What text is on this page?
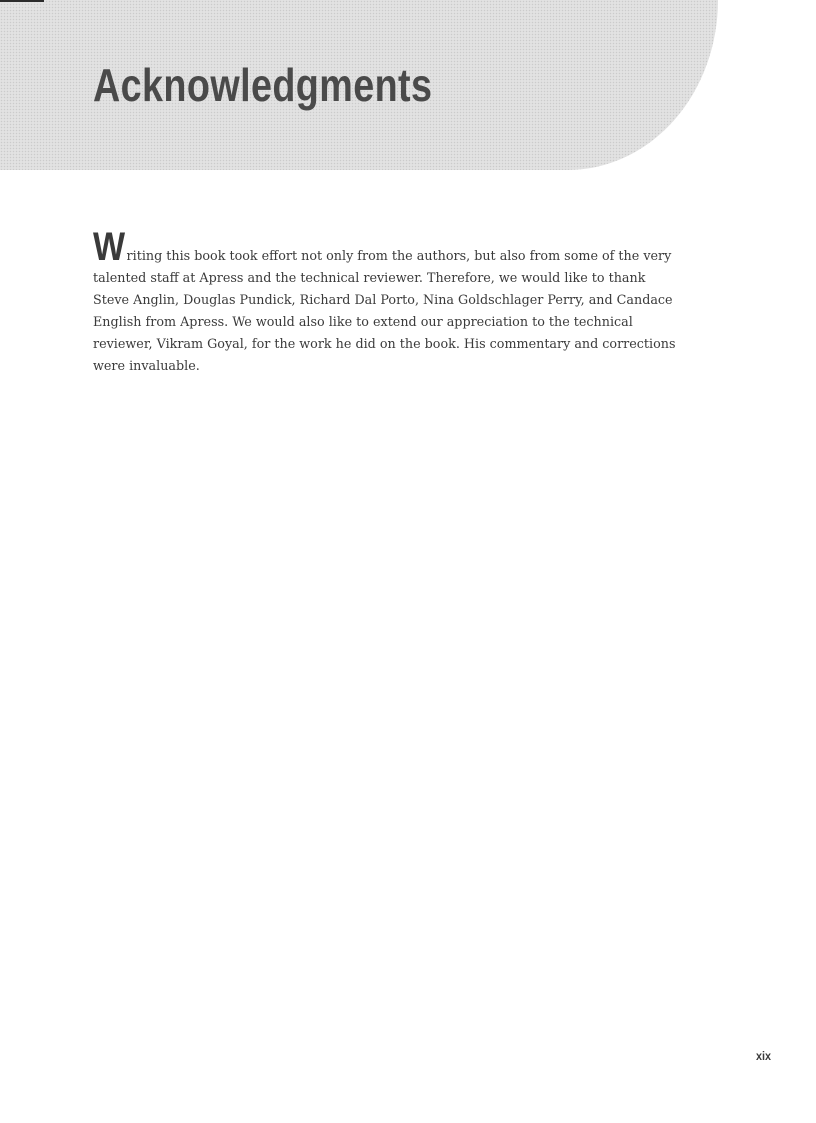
Acknowledgments

Writing this book took effort not only from the authors, but also from some of the very talented staff at Apress and the technical reviewer. Therefore, we would like to thank Steve Anglin, Douglas Pundick, Richard Dal Porto, Nina Goldschlager Perry, and Candace English from Apress. We would also like to extend our appreciation to the technical reviewer, Vikram Goyal, for the work he did on the book. His commentary and corrections were invaluable.

xix
